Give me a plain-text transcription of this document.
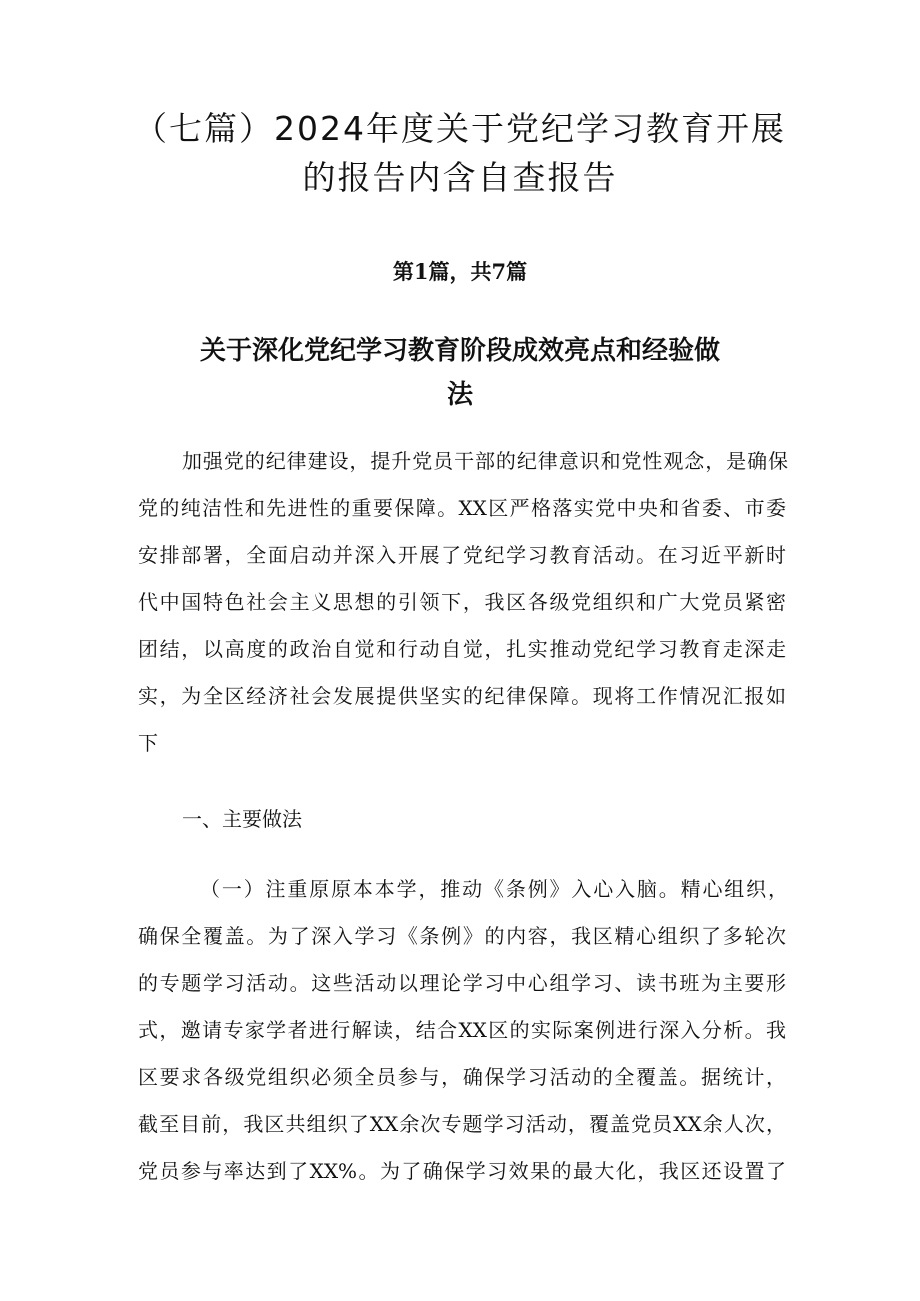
（七篇）2024年度关于党纪学习教育开展
的报告内含自查报告

第1篇，共7篇

关于深化党纪学习教育阶段成效亮点和经验做
法

加强党的纪律建设，提升党员干部的纪律意识和党性观念，是确保

党的纯洁性和先进性的重要保障。XX区严格落实党中央和省委、市委

安排部署，全面启动并深入开展了党纪学习教育活动。在习近平新时

代中国特色社会主义思想的引领下，我区各级党组织和广大党员紧密

团结，以高度的政治自觉和行动自觉，扎实推动党纪学习教育走深走

实，为全区经济社会发展提供坚实的纪律保障。现将工作情况汇报如

下

一、主要做法

（一）注重原原本本学，推动《条例》入心入脑。精心组织，

确保全覆盖。为了深入学习《条例》的内容，我区精心组织了多轮次

的专题学习活动。这些活动以理论学习中心组学习、读书班为主要形

式，邀请专家学者进行解读，结合XX区的实际案例进行深入分析。我

区要求各级党组织必须全员参与，确保学习活动的全覆盖。据统计，

截至目前，我区共组织了XX余次专题学习活动，覆盖党员XX余人次，

党员参与率达到了XX%。为了确保学习效果的最大化，我区还设置了
